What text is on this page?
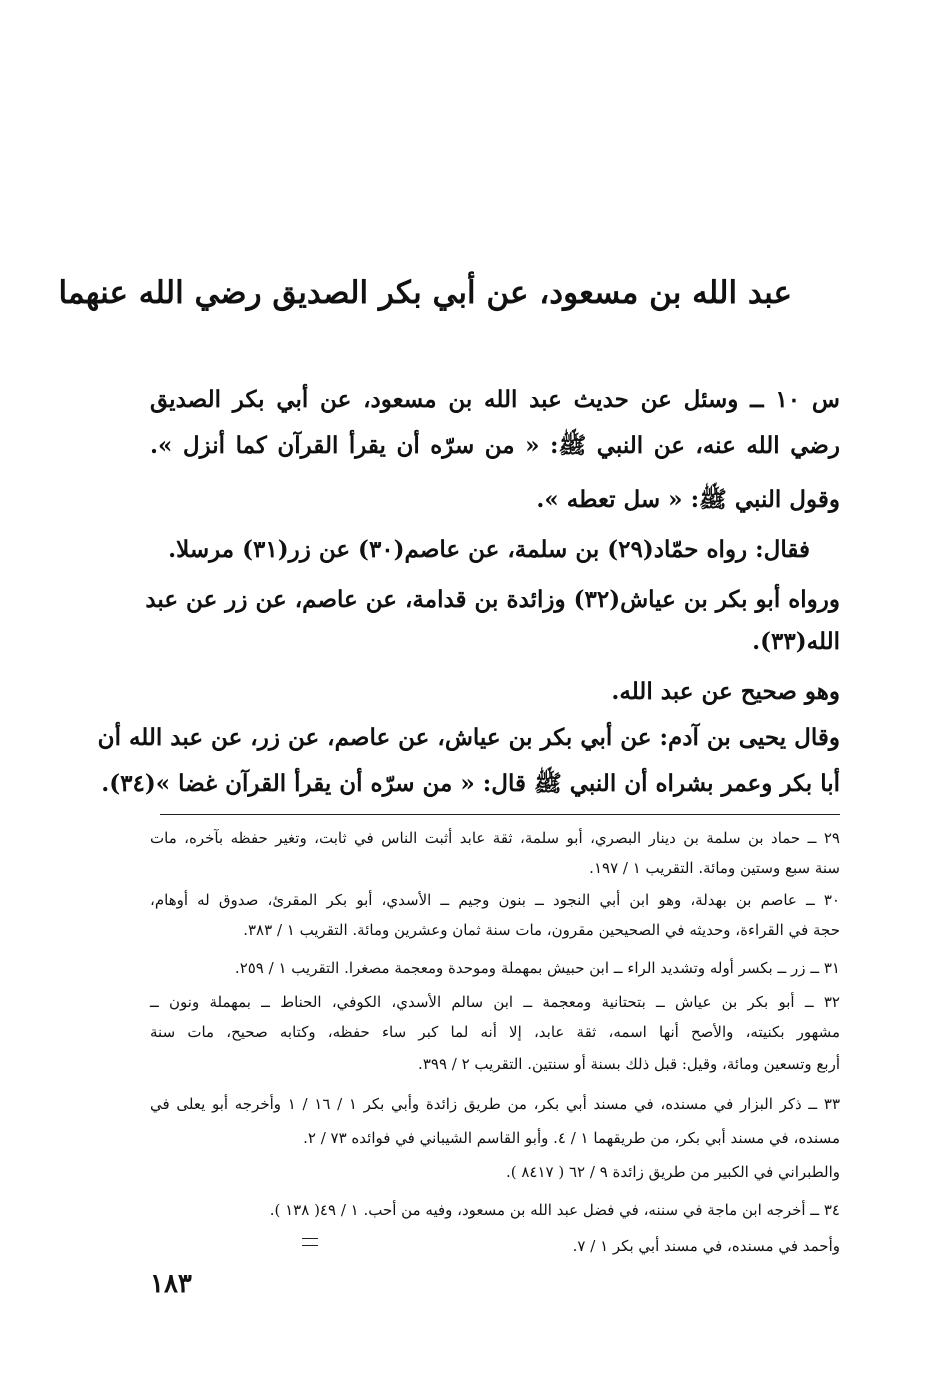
عبد الله بن مسعود، عن أبي بكر الصديق رضي الله عنهما
س ١٠ ــ وسئل عن حديث عبد الله بن مسعود، عن أبي بكر الصديق
رضي الله عنه، عن النبي ﷺ: « من سرّه أن يقرأ القرآن كما أنزل ».
وقول النبي ﷺ: « سل تعطه ».
فقال: رواه حمّاد(٢٩) بن سلمة، عن عاصم(٣٠) عن زر(٣١) مرسلا.
ورواه أبو بكر بن عياش(٣٢) وزائدة بن قدامة، عن عاصم، عن زر عن عبد
الله(٣٣).
وهو صحيح عن عبد الله.
وقال يحيى بن آدم: عن أبي بكر بن عياش، عن عاصم، عن زر، عن عبد الله أن
أبا بكر وعمر بشراه أن النبي ﷺ قال: « من سرّه أن يقرأ القرآن غضا »(٣٤).
٢٩ ــ حماد بن سلمة بن دينار البصري، أبو سلمة، ثقة عابد أثبت الناس في ثابت، وتغير حفظه بآخره، مات
سنة سبع وستين ومائة. التقريب ١ / ١٩٧.
٣٠ ــ عاصم بن بهدلة، وهو ابن أبي النجود ــ بنون وجيم ــ الأسدي، أبو بكر المقرئ، صدوق له أوهام،
حجة في القراءة، وحديثه في الصحيحين مقرون، مات سنة ثمان وعشرين ومائة. التقريب ١ / ٣٨٣.
٣١ ــ زر ــ بكسر أوله وتشديد الراء ــ ابن حبيش بمهملة وموحدة ومعجمة مصغرا. التقريب ١ / ٢٥٩.
٣٢ ــ أبو بكر بن عياش ــ بتحتانية ومعجمة ــ ابن سالم الأسدي، الكوفي، الحناط ــ بمهملة ونون ــ
مشهور بكنيته، والأصح أنها اسمه، ثقة عابد، إلا أنه لما كبر ساء حفظه، وكتابه صحيح، مات سنة
أربع وتسعين ومائة، وقيل: قبل ذلك بسنة أو سنتين. التقريب ٢ / ٣٩٩.
٣٣ ــ ذكر البزار في مسنده، في مسند أبي بكر، من طريق زائدة وأبي بكر ١ / ١٦ / ١ وأخرجه أبو يعلى في
مسنده، في مسند أبي بكر، من طريقهما ١ / ٤. وأبو القاسم الشيباني في فوائده ٧٣ / ٢.
والطبراني في الكبير من طريق زائدة ٩ / ٦٢ ( ٨٤١٧ ).
٣٤ ــ أخرجه ابن ماجة في سننه، في فضل عبد الله بن مسعود، وفيه من أحب. ١ / ٤٩( ١٣٨ ).
وأحمد في مسنده، في مسند أبي بكر ١ / ٧.
١٨٣
